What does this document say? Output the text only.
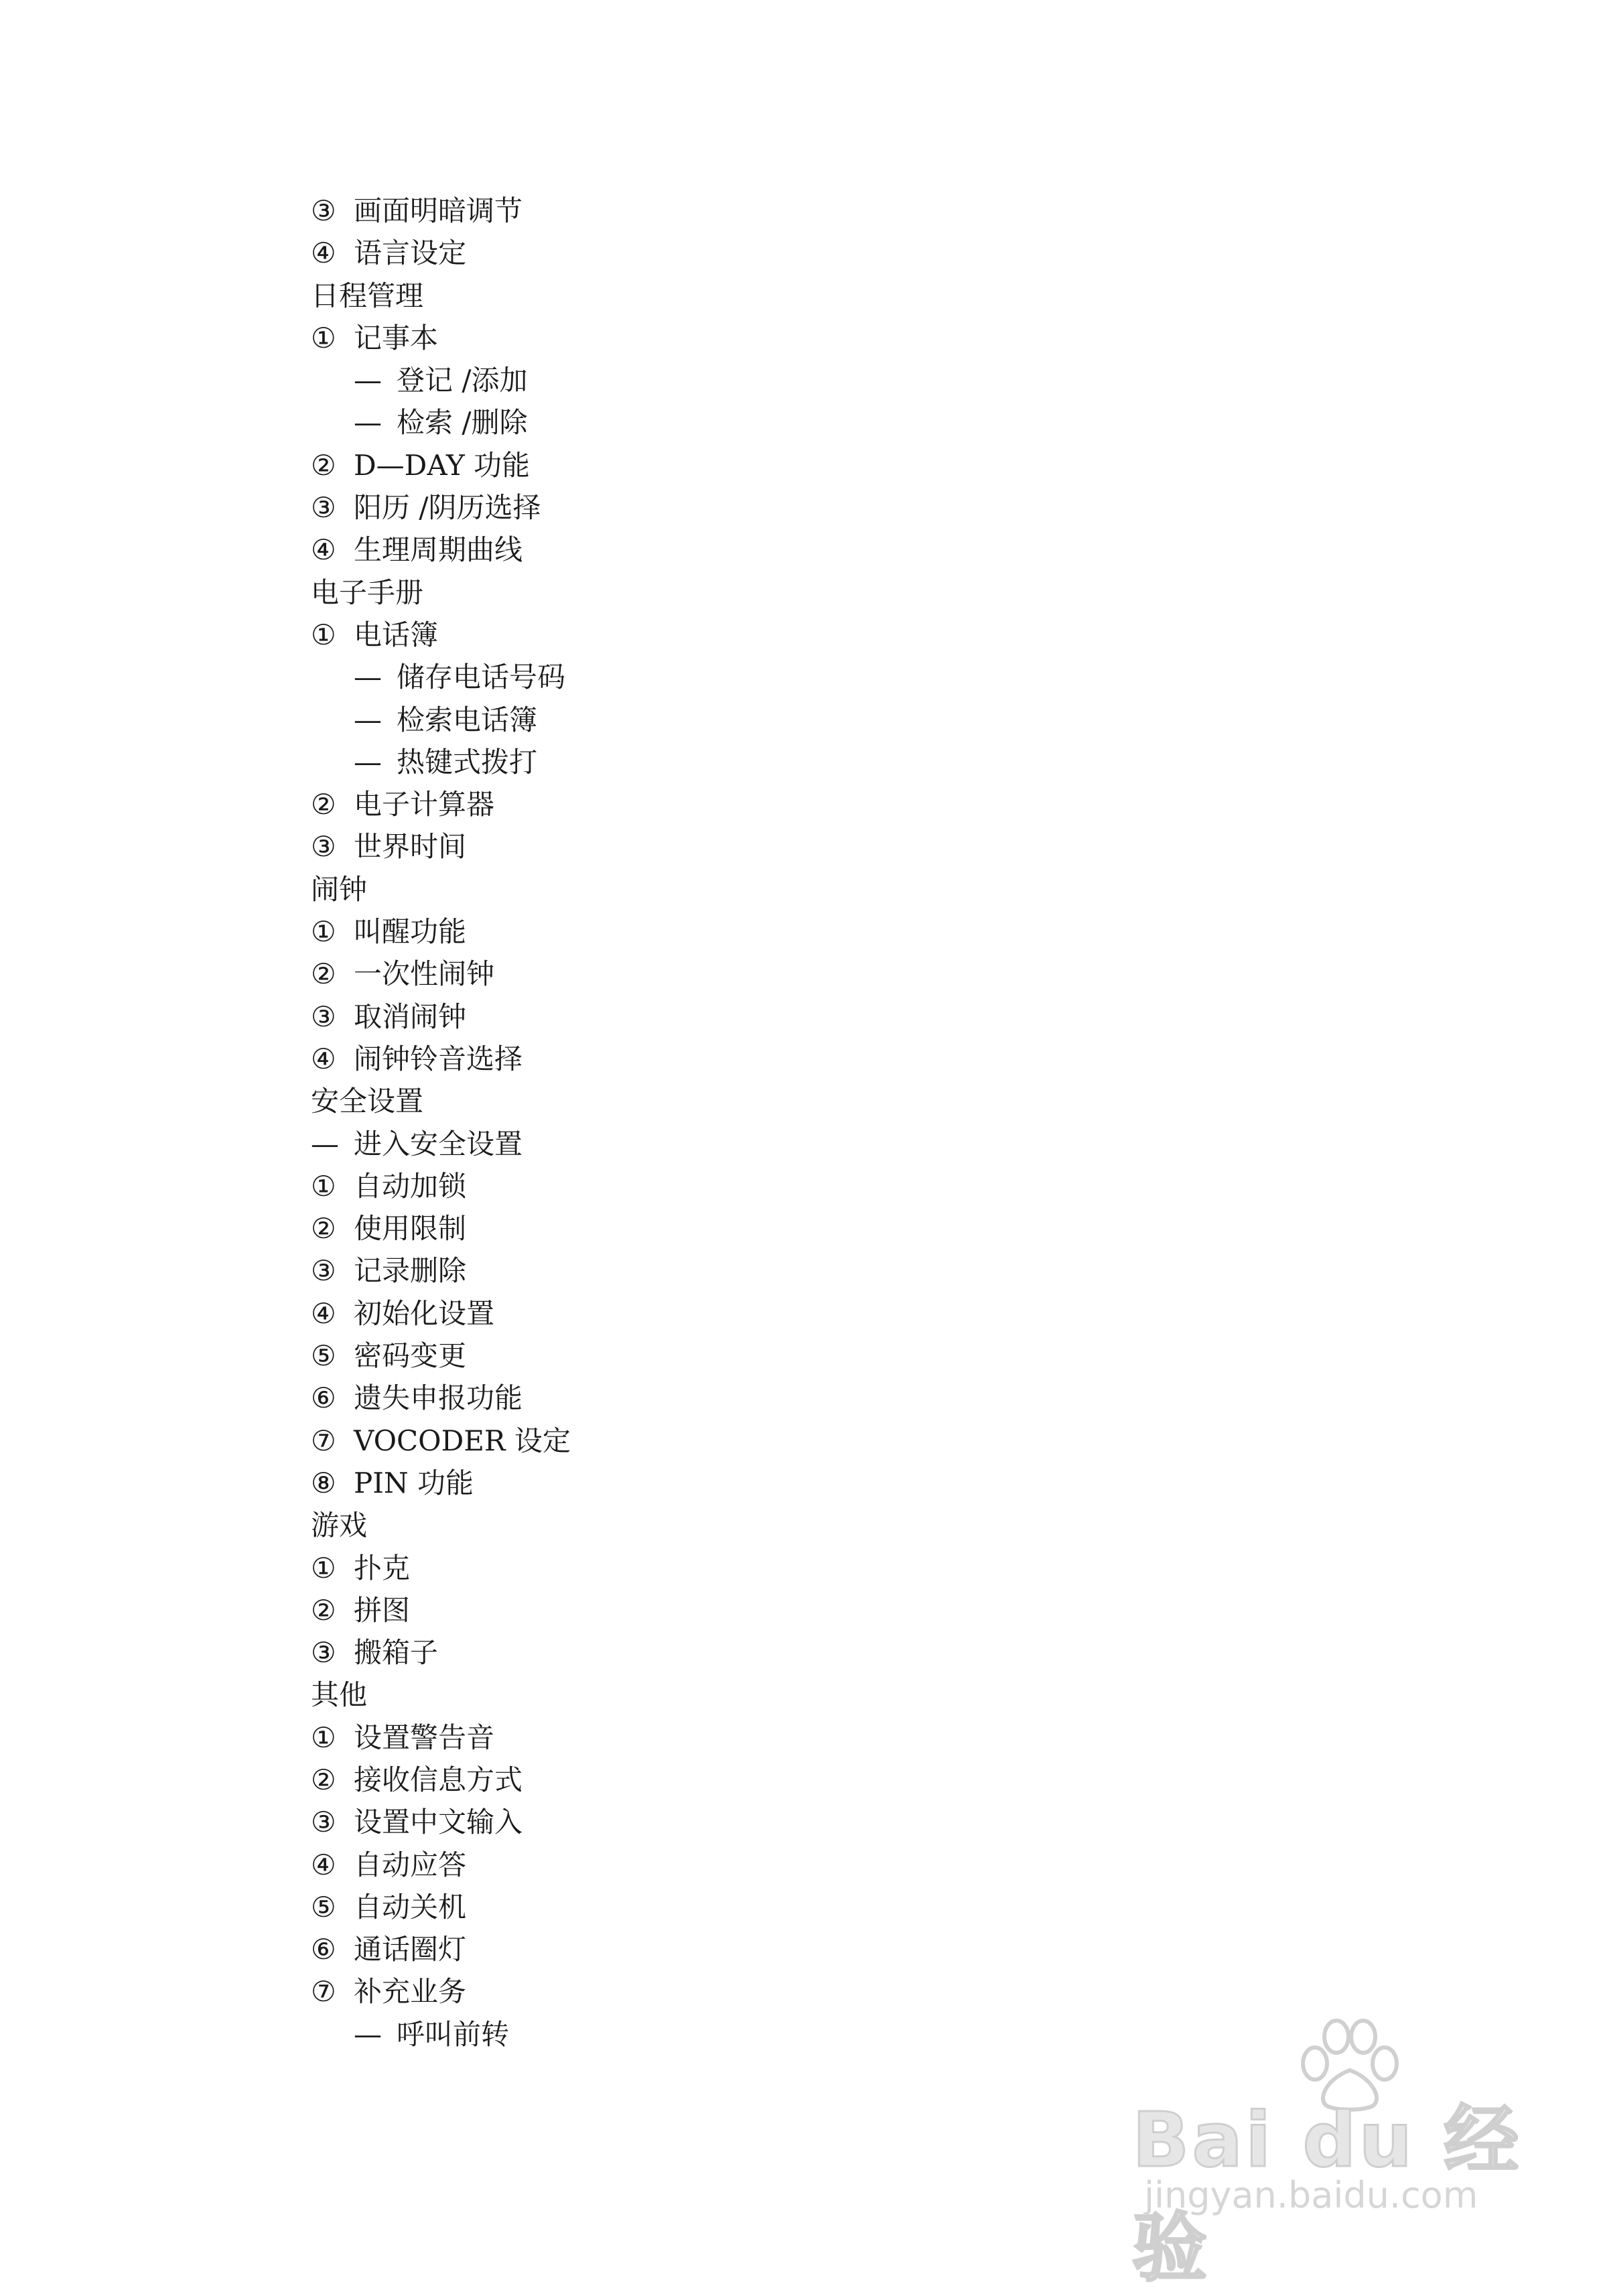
③ 画面明暗调节
④ 语言设定
日程管理
① 记事本
— 登记 /添加
— 检索 /删除
② D—DAY 功能
③ 阳历 /阴历选择
④ 生理周期曲线
电子手册
① 电话簿
— 储存电话号码
— 检索电话簿
— 热键式拨打
② 电子计算器
③ 世界时间
闹钟
① 叫醒功能
② 一次性闹钟
③ 取消闹钟
④ 闹钟铃音选择
安全设置
— 进入安全设置
① 自动加锁
② 使用限制
③ 记录删除
④ 初始化设置
⑤ 密码变更
⑥ 遗失申报功能
⑦ VOCODER 设定
⑧ PIN 功能
游戏
① 扑克
② 拼图
③ 搬箱子
其他
① 设置警告音
② 接收信息方式
③ 设置中文输入
④ 自动应答
⑤ 自动关机
⑥ 通话圈灯
⑦ 补充业务
— 呼叫前转
Bai du 经验
jingyan.baidu.com
